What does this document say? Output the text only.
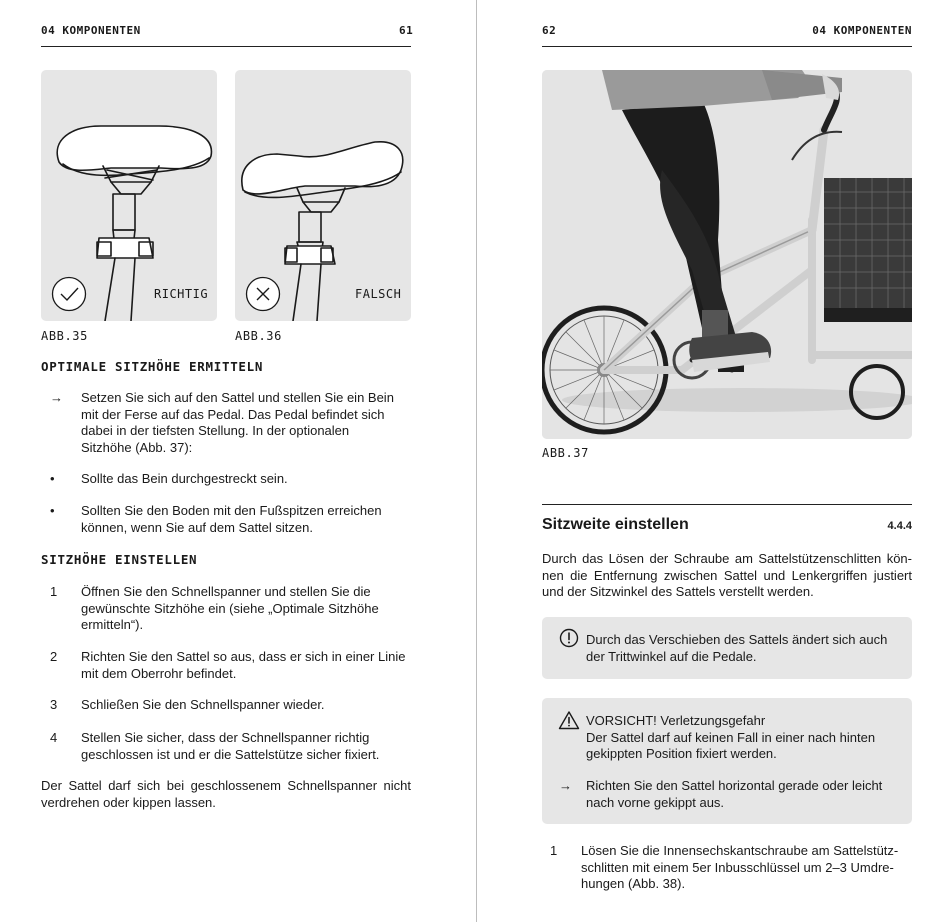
04 KOMPONENTEN	61
RICHTIG
ABB.35
FALSCH
ABB.36
OPTIMALE SITZHÖHE ERMITTELN
→ Setzen Sie sich auf den Sattel und stellen Sie ein Bein
mit der Ferse auf das Pedal. Das Pedal befindet sich
dabei in der tiefsten Stellung. In der optionalen
Sitzhöhe (Abb. 37):
• Sollte das Bein durchgestreckt sein.
• Sollten Sie den Boden mit den Fußspitzen erreichen
können, wenn Sie auf dem Sattel sitzen.
SITZHÖHE EINSTELLEN
1 Öffnen Sie den Schnellspanner und stellen Sie die
gewünschte Sitzhöhe ein (siehe „Optimale Sitzhöhe
ermitteln“).
2 Richten Sie den Sattel so aus, dass er sich in einer Linie
mit dem Oberrohr befindet.
3 Schließen Sie den Schnellspanner wieder.
4 Stellen Sie sicher, dass der Schnellspanner richtig
geschlossen ist und er die Sattelstütze sicher fixiert.
Der Sattel darf sich bei geschlossenem Schnellspanner nicht
verdrehen oder kippen lassen.
62	04 KOMPONENTEN
ABB.37
Sitzweite einstellen	4.4.4
Durch das Lösen der Schraube am Sattelstützenschlitten kön-
nen die Entfernung zwischen Sattel und Lenkergriffen justiert
und der Sitzwinkel des Sattels verstellt werden.
Durch das Verschieben des Sattels ändert sich auch
der Trittwinkel auf die Pedale.
VORSICHT! Verletzungsgefahr
Der Sattel darf auf keinen Fall in einer nach hinten
gekippten Position fixiert werden.
→ Richten Sie den Sattel horizontal gerade oder leicht
nach vorne gekippt aus.
1 Lösen Sie die Innensechskantschraube am Sattelstütz-
schlitten mit einem 5er Inbusschlüssel um 2–3 Umdre-
hungen (Abb. 38).
